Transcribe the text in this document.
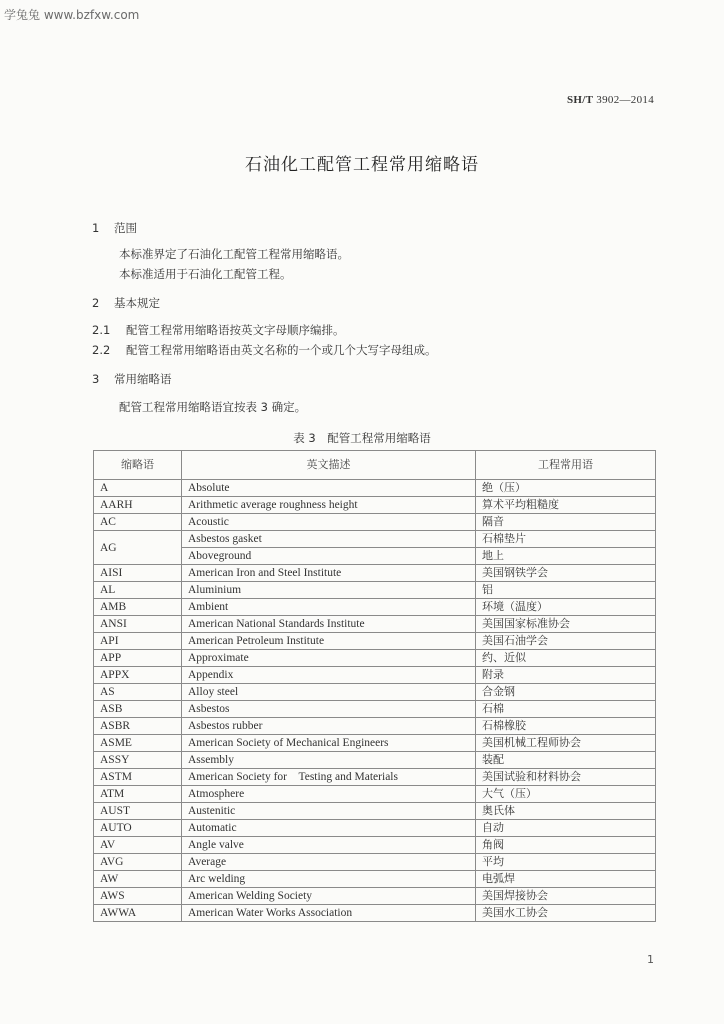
学兔兔 www.bzfxw.com
SH/T 3902—2014
石油化工配管工程常用缩略语
1 范围
本标准界定了石油化工配管工程常用缩略语。
本标准适用于石油化工配管工程。
2 基本规定
2.1 配管工程常用缩略语按英文字母顺序编排。
2.2 配管工程常用缩略语由英文名称的一个或几个大写字母组成。
3 常用缩略语
配管工程常用缩略语宜按表 3 确定。
表 3　配管工程常用缩略语
缩略语	英文描述	工程常用语
A	Absolute	绝（压）
AARH	Arithmetic average roughness height	算术平均粗糙度
AC	Acoustic	隔音
AG	Asbestos gasket	石棉垫片
	Aboveground	地上
AISI	American Iron and Steel Institute	美国钢铁学会
AL	Aluminium	铝
AMB	Ambient	环境（温度）
ANSI	American National Standards Institute	美国国家标准协会
API	American Petroleum Institute	美国石油学会
APP	Approximate	约、近似
APPX	Appendix	附录
AS	Alloy steel	合金钢
ASB	Asbestos	石棉
ASBR	Asbestos rubber	石棉橡胶
ASME	American Society of Mechanical Engineers	美国机械工程师协会
ASSY	Assembly	装配
ASTM	American Society for　Testing and Materials	美国试验和材料协会
ATM	Atmosphere	大气（压）
AUST	Austenitic	奥氏体
AUTO	Automatic	自动
AV	Angle valve	角阀
AVG	Average	平均
AW	Arc welding	电弧焊
AWS	American Welding Society	美国焊接协会
AWWA	American Water Works Association	美国水工协会
1
